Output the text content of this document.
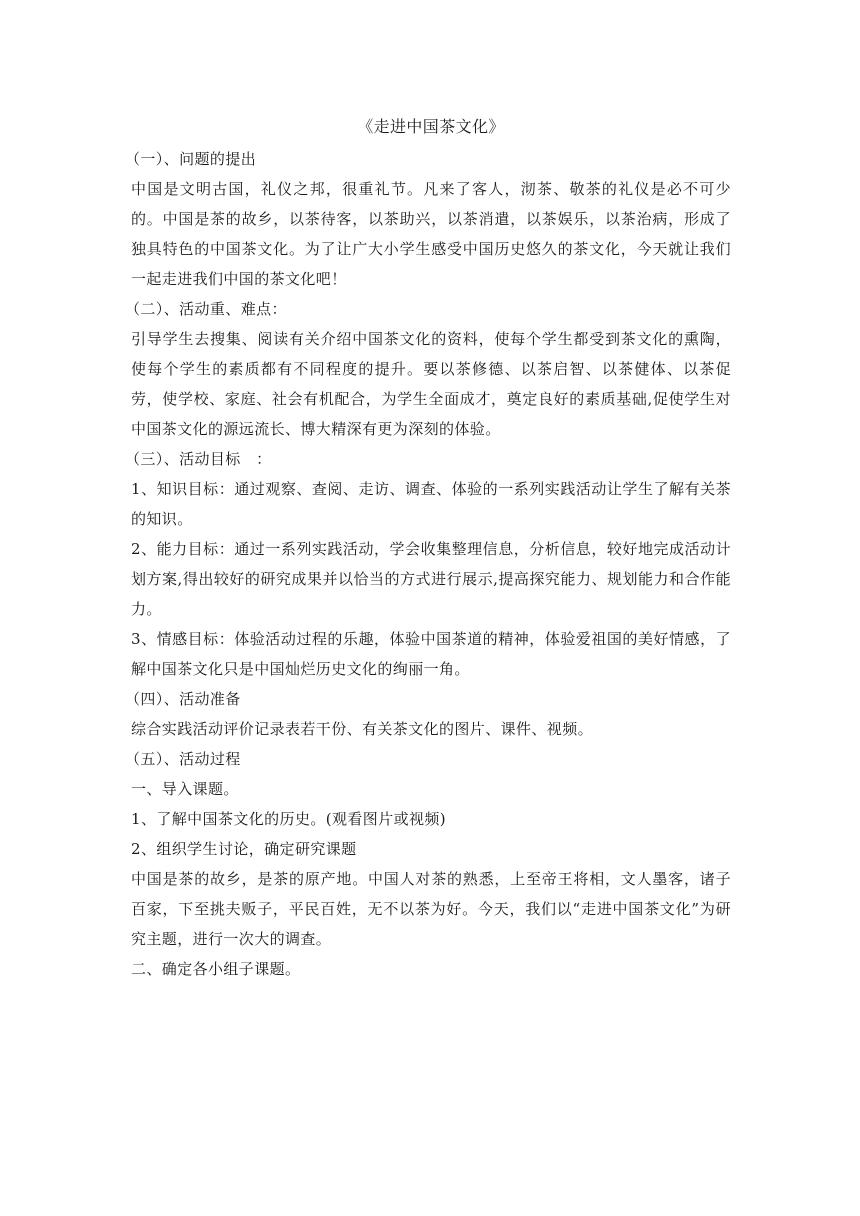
《走进中国茶文化》

（一）、问题的提出

中国是文明古国，礼仪之邦，很重礼节。凡来了客人，沏茶、敬茶的礼仪是必不可少的。中国是茶的故乡，以茶待客，以茶助兴，以茶消遣，以茶娱乐，以茶治病，形成了独具特色的中国茶文化。为了让广大小学生感受中国历史悠久的茶文化，今天就让我们一起走进我们中国的茶文化吧！

（二）、活动重、难点：

引导学生去搜集、阅读有关介绍中国茶文化的资料，使每个学生都受到茶文化的熏陶，使每个学生的素质都有不同程度的提升。要以茶修德、以茶启智、以茶健体、以茶促劳，使学校、家庭、社会有机配合，为学生全面成才，奠定良好的素质基础,促使学生对中国茶文化的源远流长、博大精深有更为深刻的体验。

（三）、活动目标　：

1、知识目标：通过观察、查阅、走访、调查、体验的一系列实践活动让学生了解有关茶的知识。

2、能力目标：通过一系列实践活动，学会收集整理信息，分析信息，较好地完成活动计划方案,得出较好的研究成果并以恰当的方式进行展示,提高探究能力、规划能力和合作能力。

3、情感目标：体验活动过程的乐趣，体验中国茶道的精神，体验爱祖国的美好情感，了解中国茶文化只是中国灿烂历史文化的绚丽一角。

（四）、活动准备

综合实践活动评价记录表若干份、有关茶文化的图片、课件、视频。

（五）、活动过程

一、导入课题。

1、了解中国茶文化的历史。(观看图片或视频)

2、组织学生讨论，确定研究课题

中国是茶的故乡，是茶的原产地。中国人对茶的熟悉，上至帝王将相，文人墨客，诸子百家，下至挑夫贩子，平民百姓，无不以茶为好。今天，我们以“走进中国茶文化”为研究主题，进行一次大的调查。

二、确定各小组子课题。
